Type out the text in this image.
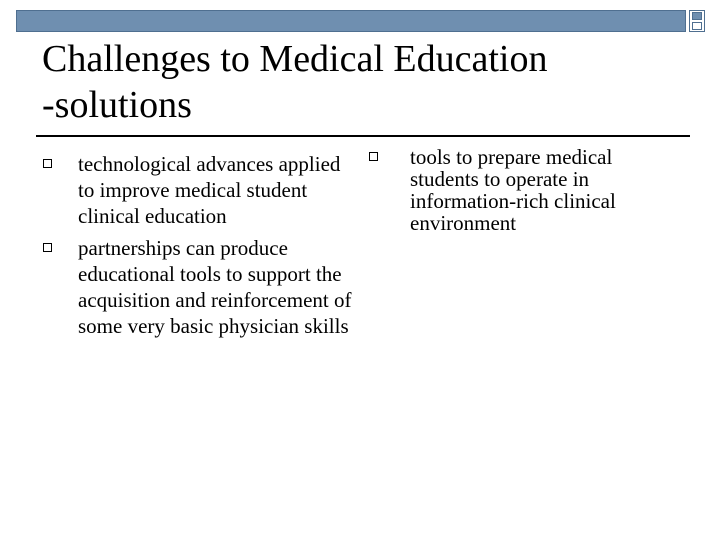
Challenges to Medical Education
-solutions
technological advances applied to improve medical student clinical education
partnerships can produce educational tools to support the acquisition and reinforcement of some very basic physician skills
tools to prepare medical students to operate in information-rich clinical environment
